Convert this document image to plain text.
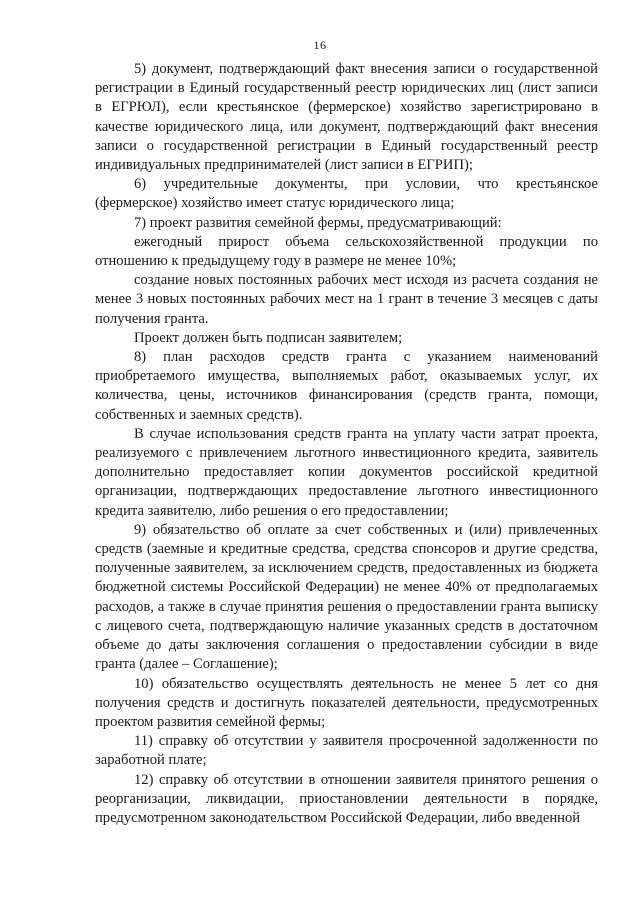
16

5) документ, подтверждающий факт внесения записи о государственной регистрации в Единый государственный реестр юридических лиц (лист записи в ЕГРЮЛ), если крестьянское (фермерское) хозяйство зарегистрировано в качестве юридического лица, или документ, подтверждающий факт внесения записи о государственной регистрации в Единый государственный реестр индивидуальных предпринимателей (лист записи в ЕГРИП);

6) учредительные документы, при условии, что крестьянское (фермерское) хозяйство имеет статус юридического лица;

7) проект развития семейной фермы, предусматривающий:

ежегодный прирост объема сельскохозяйственной продукции по отношению к предыдущему году в размере не менее 10%;

создание новых постоянных рабочих мест исходя из расчета создания не менее 3 новых постоянных рабочих мест на 1 грант в течение 3 месяцев с даты получения гранта.

Проект должен быть подписан заявителем;

8) план расходов средств гранта с указанием наименований приобретаемого имущества, выполняемых работ, оказываемых услуг, их количества, цены, источников финансирования (средств гранта, помощи, собственных и заемных средств).

В случае использования средств гранта на уплату части затрат проекта, реализуемого с привлечением льготного инвестиционного кредита, заявитель дополнительно предоставляет копии документов российской кредитной организации, подтверждающих предоставление льготного инвестиционного кредита заявителю, либо решения о его предоставлении;

9) обязательство об оплате за счет собственных и (или) привлеченных средств (заемные и кредитные средства, средства спонсоров и другие средства, полученные заявителем, за исключением средств, предоставленных из бюджета бюджетной системы Российской Федерации) не менее 40% от предполагаемых расходов, а также в случае принятия решения о предоставлении гранта выписку с лицевого счета, подтверждающую наличие указанных средств в достаточном объеме до даты заключения соглашения о предоставлении субсидии в виде гранта (далее – Соглашение);

10) обязательство осуществлять деятельность не менее 5 лет со дня получения средств и достигнуть показателей деятельности, предусмотренных проектом развития семейной фермы;

11) справку об отсутствии у заявителя просроченной задолженности по заработной плате;

12) справку об отсутствии в отношении заявителя принятого решения о реорганизации, ликвидации, приостановлении деятельности в порядке, предусмотренном законодательством Российской Федерации, либо введенной
